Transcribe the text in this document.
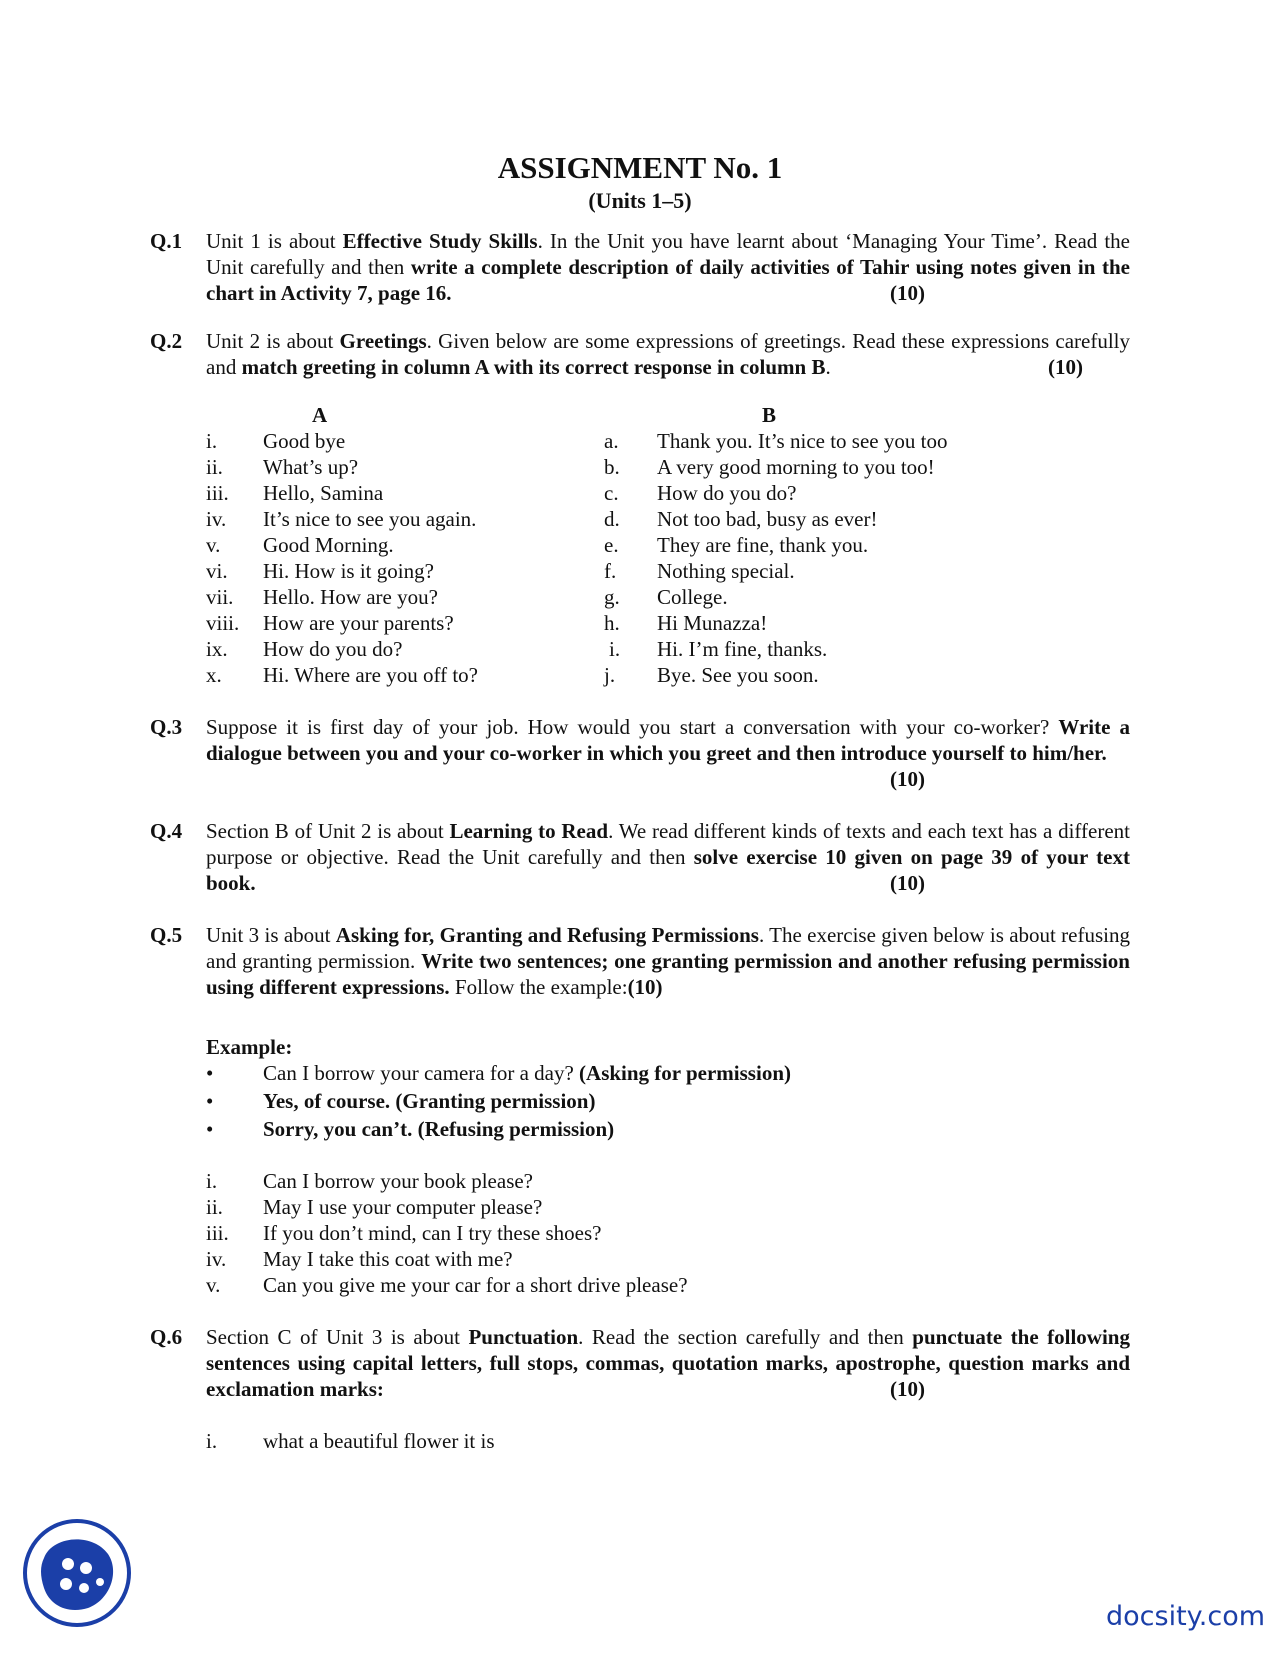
ASSIGNMENT No. 1
(Units 1–5)
Q.1	Unit 1 is about Effective Study Skills. In the Unit you have learnt about ‘Managing Your Time’. Read the Unit carefully and then write a complete description of daily activities of Tahir using notes given in the chart in Activity 7, page 16.	(10)
Q.2	Unit 2 is about Greetings. Given below are some expressions of greetings. Read these expressions carefully and match greeting in column A with its correct response in column B.	(10)
A	B
i. Good bye	a. Thank you. It’s nice to see you too
ii. What’s up?	b. A very good morning to you too!
iii. Hello, Samina	c. How do you do?
iv. It’s nice to see you again.	d. Not too bad, busy as ever!
v. Good Morning.	e. They are fine, thank you.
vi. Hi. How is it going?	f. Nothing special.
vii. Hello. How are you?	g. College.
viii. How are your parents?	h. Hi Munazza!
ix. How do you do?	i. Hi. I’m fine, thanks.
x. Hi. Where are you off to?	j. Bye. See you soon.
Q.3	Suppose it is first day of your job. How would you start a conversation with your co-worker? Write a dialogue between you and your co-worker in which you greet and then introduce yourself to him/her.
(10)
Q.4	Section B of Unit 2 is about Learning to Read. We read different kinds of texts and each text has a different purpose or objective. Read the Unit carefully and then solve exercise 10 given on page 39 of your text book.	(10)
Q.5	Unit 3 is about Asking for, Granting and Refusing Permissions. The exercise given below is about refusing and granting permission. Write two sentences; one granting permission and another refusing permission using different expressions. Follow the example:(10)
Example:
• Can I borrow your camera for a day? (Asking for permission)
• Yes, of course. (Granting permission)
• Sorry, you can’t. (Refusing permission)
i. Can I borrow your book please?
ii. May I use your computer please?
iii. If you don’t mind, can I try these shoes?
iv. May I take this coat with me?
v. Can you give me your car for a short drive please?
Q.6	Section C of Unit 3 is about Punctuation. Read the section carefully and then punctuate the following sentences using capital letters, full stops, commas, quotation marks, apostrophe, question marks and exclamation marks:	(10)
i. what a beautiful flower it is
docsity.com
